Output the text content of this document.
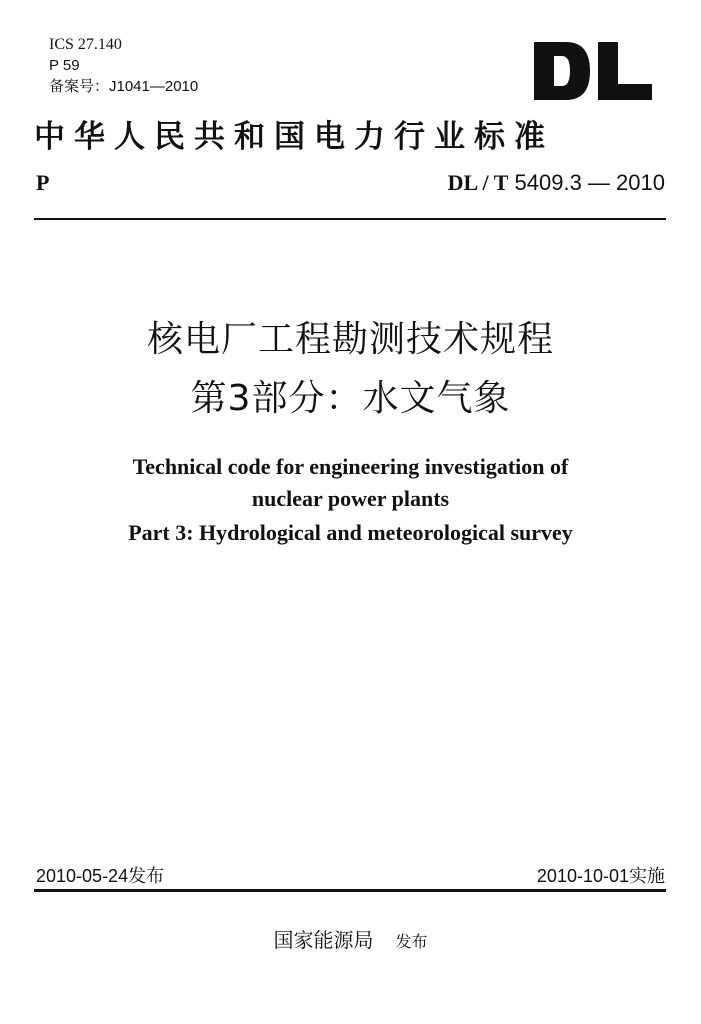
ICS 27.140
P 59
备案号：J1041—2010
中华人民共和国电力行业标准
P	DL / T 5409.3 — 2010
核电厂工程勘测技术规程
第3部分：水文气象
Technical code for engineering investigation of
nuclear power plants
Part 3: Hydrological and meteorological survey
2010-05-24发布	2010-10-01实施
国家能源局 发布
